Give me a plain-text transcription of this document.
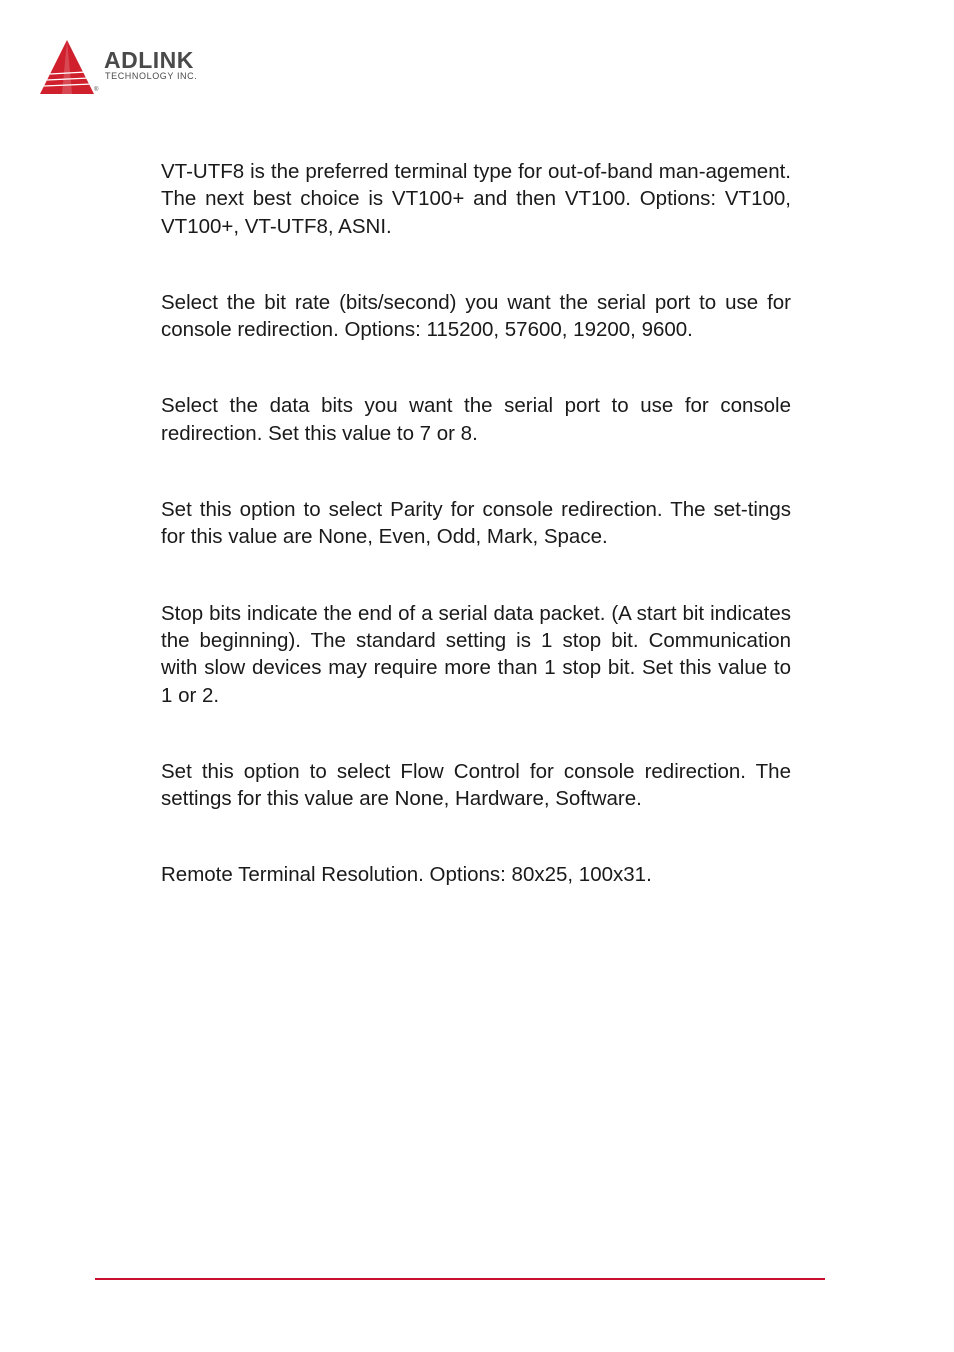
ADLINK
TECHNOLOGY INC.
®

VT-UTF8 is the preferred terminal type for out-of-band man-agement. The next best choice is VT100+ and then VT100. Options: VT100, VT100+, VT-UTF8, ASNI.

Select the bit rate (bits/second) you want the serial port to use for console redirection. Options: 115200, 57600, 19200, 9600.

Select the data bits you want the serial port to use for console redirection. Set this value to 7 or 8.

Set this option to select Parity for console redirection. The set-tings for this value are None, Even, Odd, Mark, Space.

Stop bits indicate the end of a serial data packet. (A start bit indicates the beginning). The standard setting is 1 stop bit. Communication with slow devices may require more than 1 stop bit. Set this value to 1 or 2.

Set this option to select Flow Control for console redirection. The settings for this value are None, Hardware, Software.

Remote Terminal Resolution. Options: 80x25, 100x31.
